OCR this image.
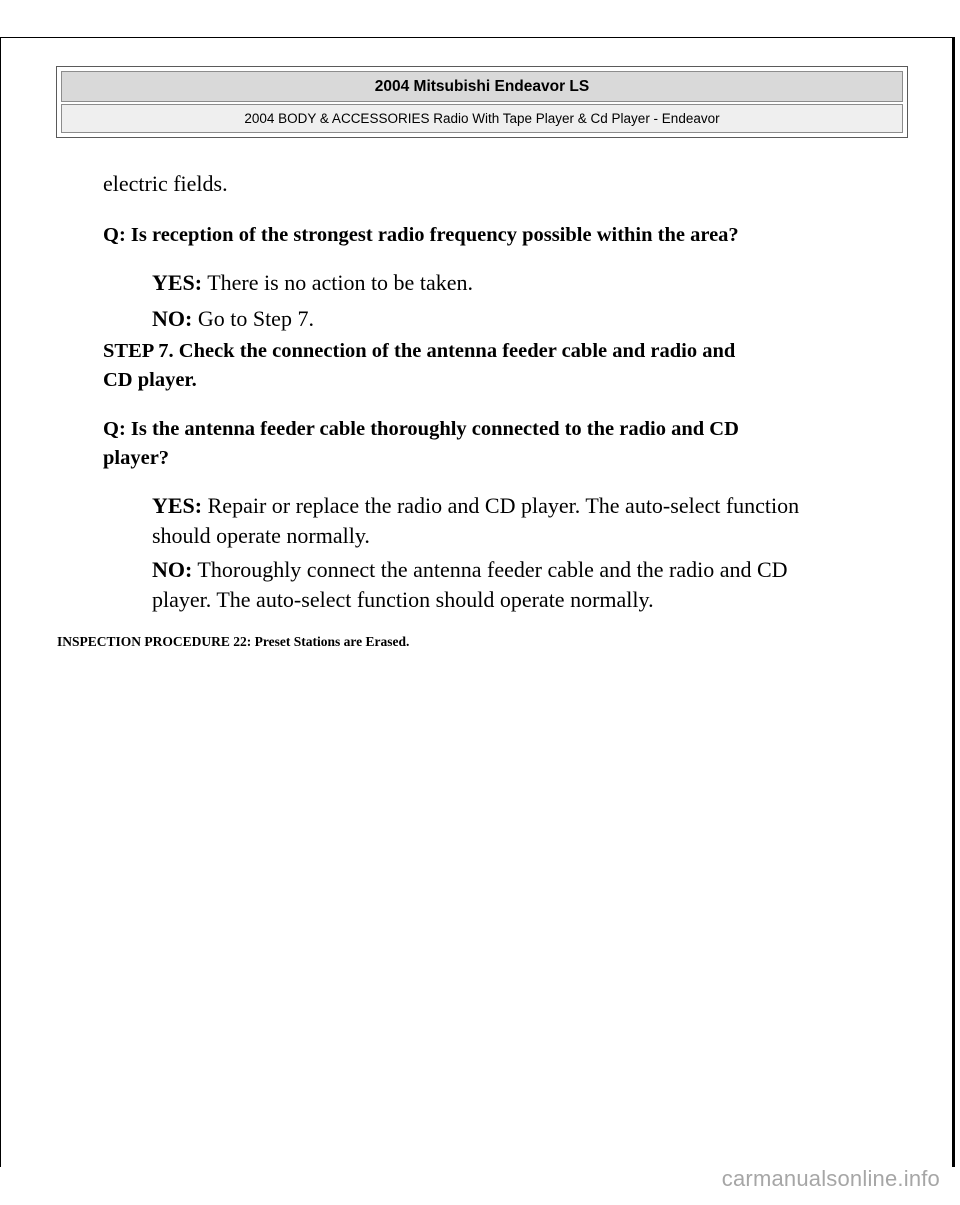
2004 Mitsubishi Endeavor LS
2004 BODY & ACCESSORIES Radio With Tape Player & Cd Player - Endeavor
electric fields.
Q: Is reception of the strongest radio frequency possible within the area?
YES: There is no action to be taken.
NO: Go to Step 7.
STEP 7. Check the connection of the antenna feeder cable and radio and
CD player.
Q: Is the antenna feeder cable thoroughly connected to the radio and CD
player?
YES: Repair or replace the radio and CD player. The auto-select function
should operate normally.
NO: Thoroughly connect the antenna feeder cable and the radio and CD
player. The auto-select function should operate normally.
INSPECTION PROCEDURE 22: Preset Stations are Erased.
carmanualsonline.info
